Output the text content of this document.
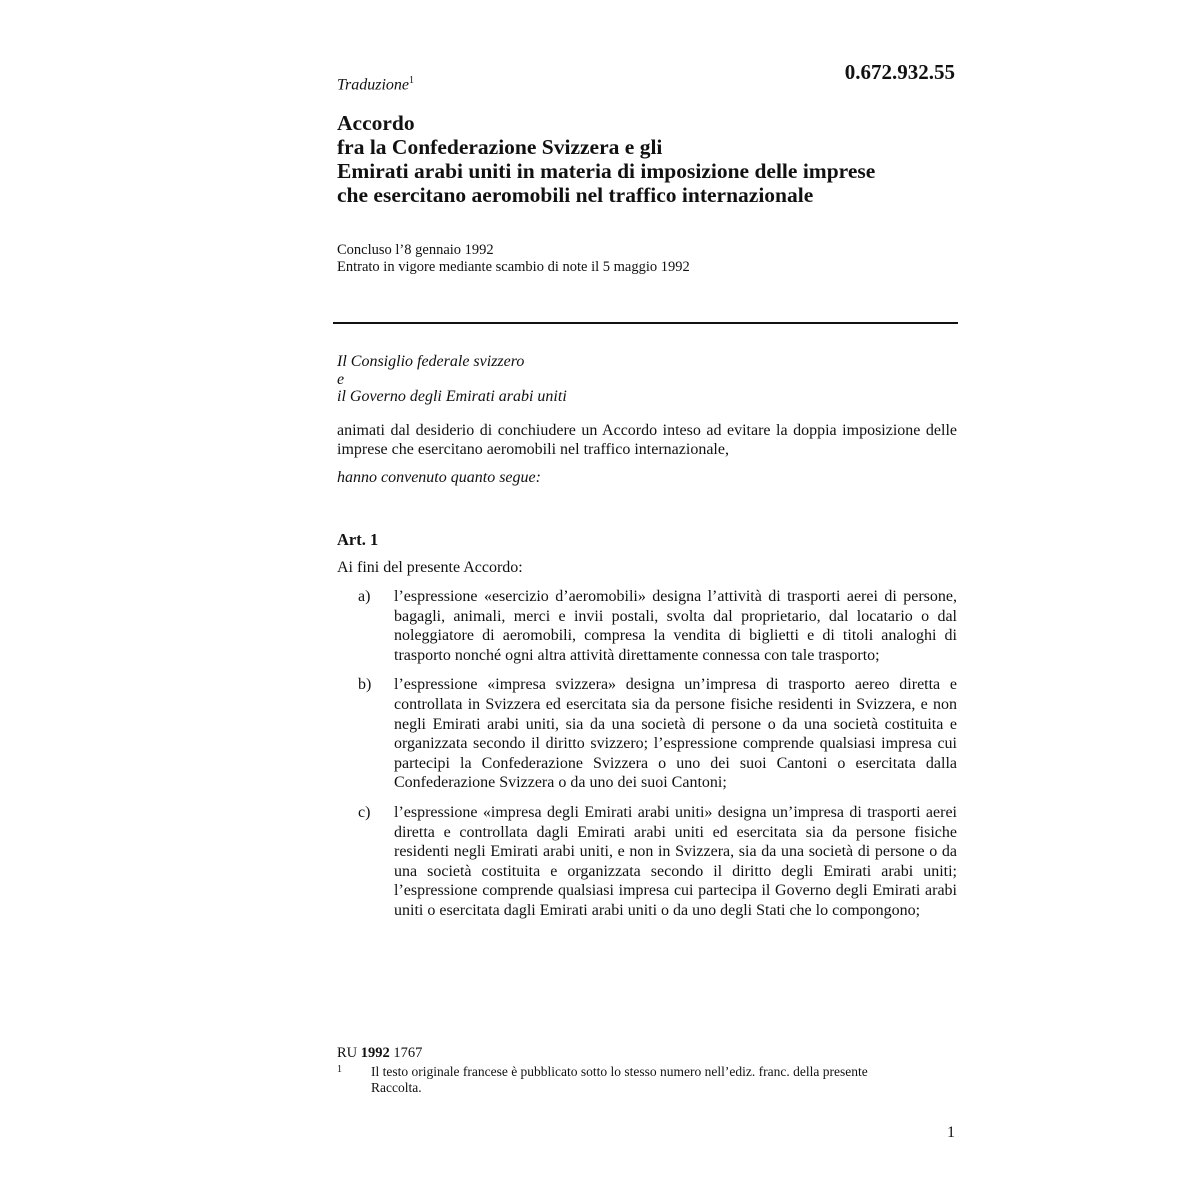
0.672.932.55
Traduzione$^1$
Accordo
fra la Confederazione Svizzera e gli
Emirati arabi uniti in materia di imposizione delle imprese
che esercitano aeromobili nel traffico internazionale
Concluso l’8 gennaio 1992
Entrato in vigore mediante scambio di note il 5 maggio 1992
Il Consiglio federale svizzero
e
il Governo degli Emirati arabi uniti
animati dal desiderio di conchiudere un Accordo inteso ad evitare la doppia imposizione delle imprese che esercitano aeromobili nel traffico internazionale,
hanno convenuto quanto segue:
Art. 1
Ai fini del presente Accordo:
a) l’espressione «esercizio d’aeromobili» designa l’attività di trasporti aerei di persone, bagagli, animali, merci e invii postali, svolta dal proprietario, dal locatario o dal noleggiatore di aeromobili, compresa la vendita di biglietti e di titoli analoghi di trasporto nonché ogni altra attività direttamente connessa con tale trasporto;
b) l’espressione «impresa svizzera» designa un’impresa di trasporto aereo diretta e controllata in Svizzera ed esercitata sia da persone fisiche residenti in Svizzera, e non negli Emirati arabi uniti, sia da una società di persone o da una società costituita e organizzata secondo il diritto svizzero; l’espressione comprende qualsiasi impresa cui partecipi la Confederazione Svizzera o uno dei suoi Cantoni o esercitata dalla Confederazione Svizzera o da uno dei suoi Cantoni;
c) l’espressione «impresa degli Emirati arabi uniti» designa un’impresa di trasporti aerei diretta e controllata dagli Emirati arabi uniti ed esercitata sia da persone fisiche residenti negli Emirati arabi uniti, e non in Svizzera, sia da una società di persone o da una società costituita e organizzata secondo il diritto degli Emirati arabi uniti; l’espressione comprende qualsiasi impresa cui partecipa il Governo degli Emirati arabi uniti o esercitata dagli Emirati arabi uniti o da uno degli Stati che lo compongono;
RU 1992 1767
1 Il testo originale francese è pubblicato sotto lo stesso numero nell’ediz. franc. della presente Raccolta.
1
